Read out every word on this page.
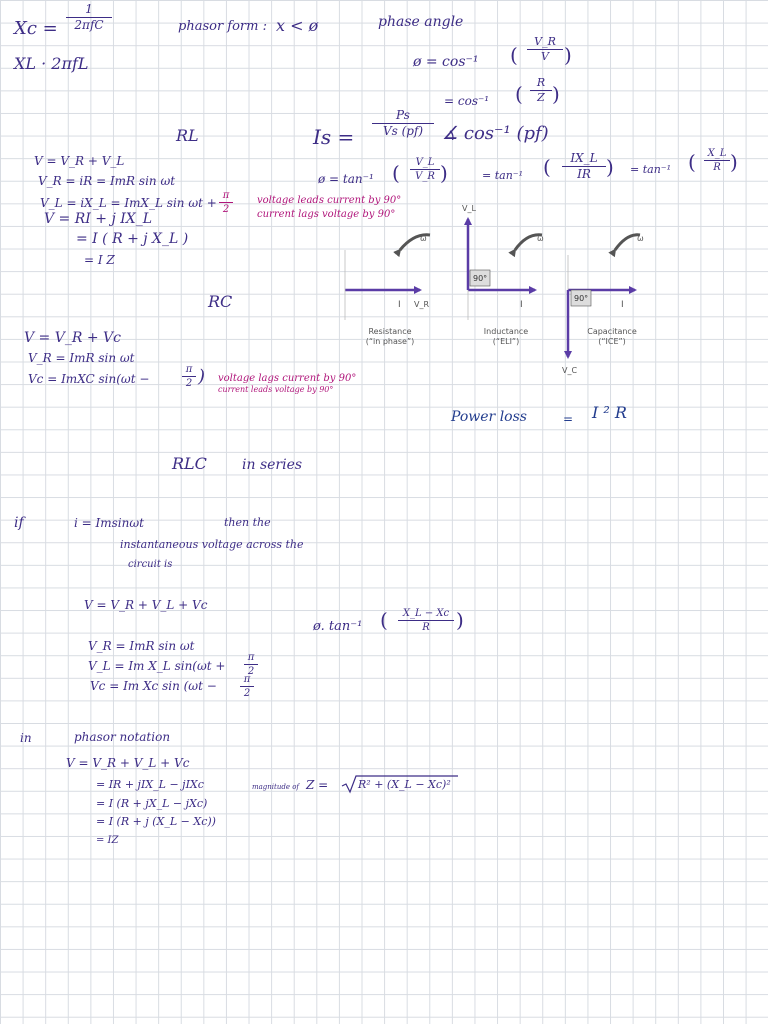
Xc =
1
2πfC
XL · 2πfL
phasor form : x < ø	phase angle
ø = cos⁻¹ (
V_R
V )
= cos⁻¹ (	R
Z )
Is =
Ps
Vs (pf)	∡ cos⁻¹ (pf)
RL
V = V_R + V_L
V_R = iR = ImR sin ωt
V_L = iX_L = ImX_L sin ωt +
π
2
V = RI + j IX_L
= I ( R + j X_L )
= I Z
voltage leads current by 90°
current lags voltage by 90°
ø = tan⁻¹ (	V_L
V_R )	= tan⁻¹ (	IX_L
IR ) = tan⁻¹ (	X_L
R )
ω
I V_R
Resistance
(“in phase”)
90°
ω
V_L
I
Inductance
(“ELI”)
90°
ω
I
V_C
Capacitance
(“ICE”)
RC
V = V_R + Vc
V_R = ImR sin ωt
Vc = ImXC sin(ωt −
π
2 ) voltage lags current by 90°
current leads voltage by 90°
Power loss	= I ² R
RLC	in series
if	i = Imsinωt	then the
instantaneous voltage across the
circuit is
V = V_R + V_L + Vc
ø. tan⁻¹ (	X_L − Xc
R	)
V_R = ImR sin ωt
V_L = Im X_L sin(ωt +
π
2
Vc = Im Xc sin (ωt −	π
2
in	phasor notation
V = V_R + V_L + Vc
= IR + jIX_L − jIXc
= I (R + jX_L − jXc)
= I (R + j (X_L − Xc))
= IZ
magnitude of Z =	R² + (X_L − Xc)²
